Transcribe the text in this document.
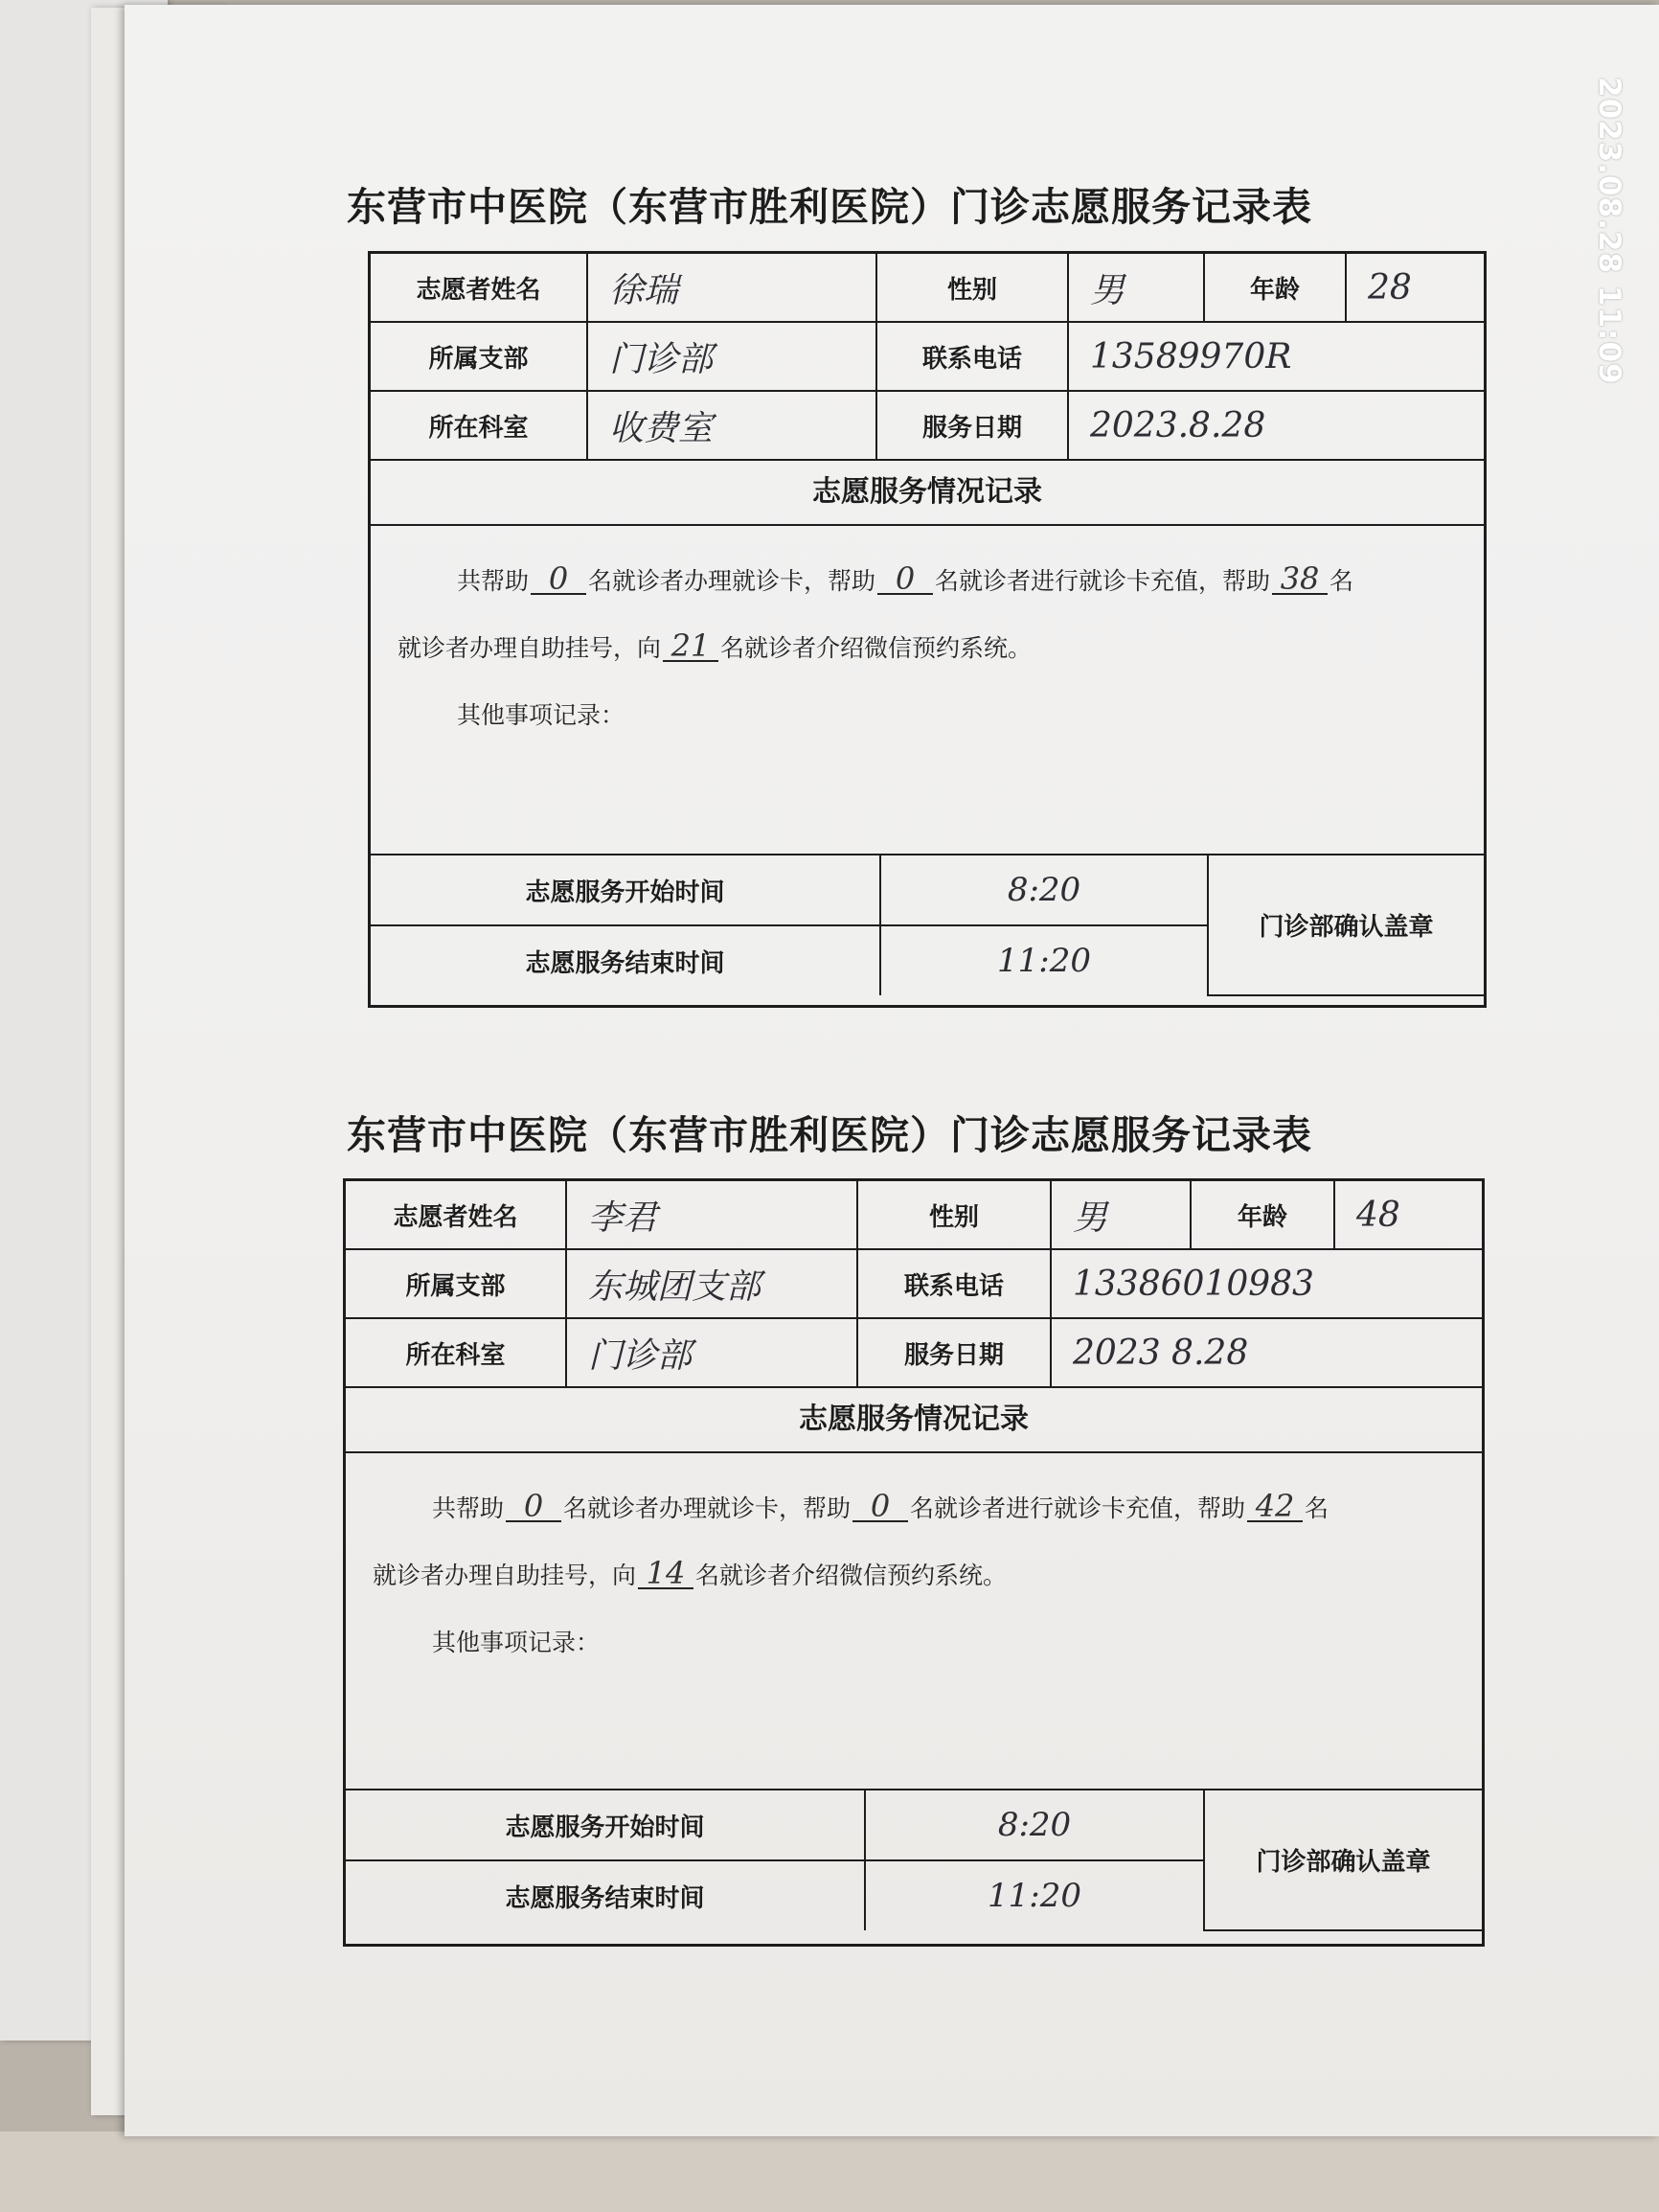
2023.08.28 11:09
东营市中医院（东营市胜利医院）门诊志愿服务记录表
志愿者姓名	徐瑞	性别	男	年龄	28
所属支部	门诊部	联系电话	13589970R		
所在科室	收费室	服务日期	2023.8.28		
志愿服务情况记录
共帮助 0 名就诊者办理就诊卡，帮助 0 名就诊者进行就诊卡充值，帮助 38 名
就诊者办理自助挂号，向 21 名就诊者介绍微信预约系统。
其他事项记录：
志愿服务开始时间	8:20	门诊部确认盖章
志愿服务结束时间	11:20	
东营市中医院（东营市胜利医院）门诊志愿服务记录表
志愿者姓名	李君	性别	男	年龄	48
所属支部	东城团支部	联系电话	13386010983		
所在科室	门诊部	服务日期	2023 8.28		
志愿服务情况记录
共帮助 0 名就诊者办理就诊卡，帮助 0 名就诊者进行就诊卡充值，帮助 42 名
就诊者办理自助挂号，向 14 名就诊者介绍微信预约系统。
其他事项记录：
志愿服务开始时间	8:20	门诊部确认盖章
志愿服务结束时间	11:20	
